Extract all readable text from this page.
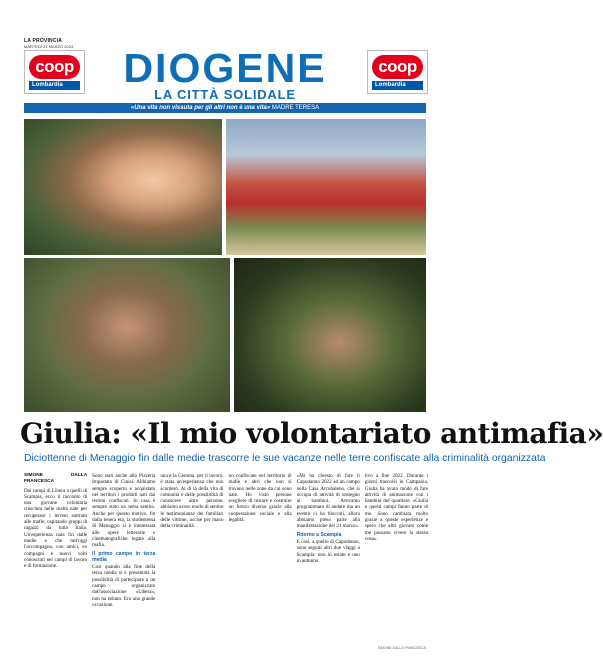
LA PROVINCIA
MARTEDÌ 21 MARZO 2023
coop
Lombardia	DIOGENE
LA CITTÀ SOLIDALE
coop
Lombardia
«Una vita non vissuta per gli altri non è una vita» MADRE TERESA
Giulia: «Il mio volontariato antimafia»
Diciottenne di Menaggio fin dalle medie trascorre le sue vacanze nelle terre confiscate alla criminalità organizzata

SIMONE DALLA FRANCESCA

Dai campi di Libera a quelli di Scampia, ecco il racconto di una giovane volontaria cresciuta nelle realtà nate per recuperare i terreni sottratti alle mafie, ospitando gruppi di ragazzi da tutta Italia. Un'esperienza nata fin dalle medie e che tutt'oggi l'accompagna, con amici, ex compagni e nuovi volti conosciuti nei campi di lavoro e di formazione.

Sono stati anche alla Pizzeria Impastato di Cinisi. Abbiamo sempre scoperto e acquistato nei territori i prodotti nati dai terreni confiscati. In casa è sempre stato un tema sentito. Anche per questo motivo, fin dalla tenera età, la studentessa di Menaggio si è interessata alle opere letterarie e cinematografiche legate alla mafia.

Il primo campo in terza media

Così quando alla fine della terza media si è presentata la possibilità di partecipare a un campo organizzato dall'associazione «Libera», non ha esitato. Era una grande occasione.

una e la Gemma, per il lavoro, è stata un'esperienza che non scorderò. Al di là della vita di comunità e delle possibilità di conoscere altre persone, abbiamo avuto modo di sentire le testimonianze dei familiari delle vittime, uccise per mano della criminalità.

no confiscate nel territorio di mafie e altri che non si trovano nelle zone da cui sono nate. Ho visto persone scegliere di restare e costruire un futuro diverso grazie alla cooperazione sociale e alla legalità.

«Mi ha chiesto di fare il Capodanno 2022 ad un campo nella Casa Arcobaleno, che si occupa di attività di sostegno ai bambini. Avevamo programmato di andare ma un evento ci ha bloccati, allora abbiamo preso parte alla manifestazione del 21 marzo».

Ritorno a Scampia

E così, a quello di Capodanno, sono seguiti altri due viaggi a Scampia: uno in estate e uno in autunno.

tivo a fine 2022. Durante i giorni trascorsi in Campania, Giulia ha avuto modo di fare attività di animazione con i bambini del quartiere. «Giulia e questi campi fanno parte di me. Sono cambiata molto grazie a queste esperienze e spero che altri giovani come me possano vivere la stessa cosa».

SIMONE DALLA FRANCESCA
